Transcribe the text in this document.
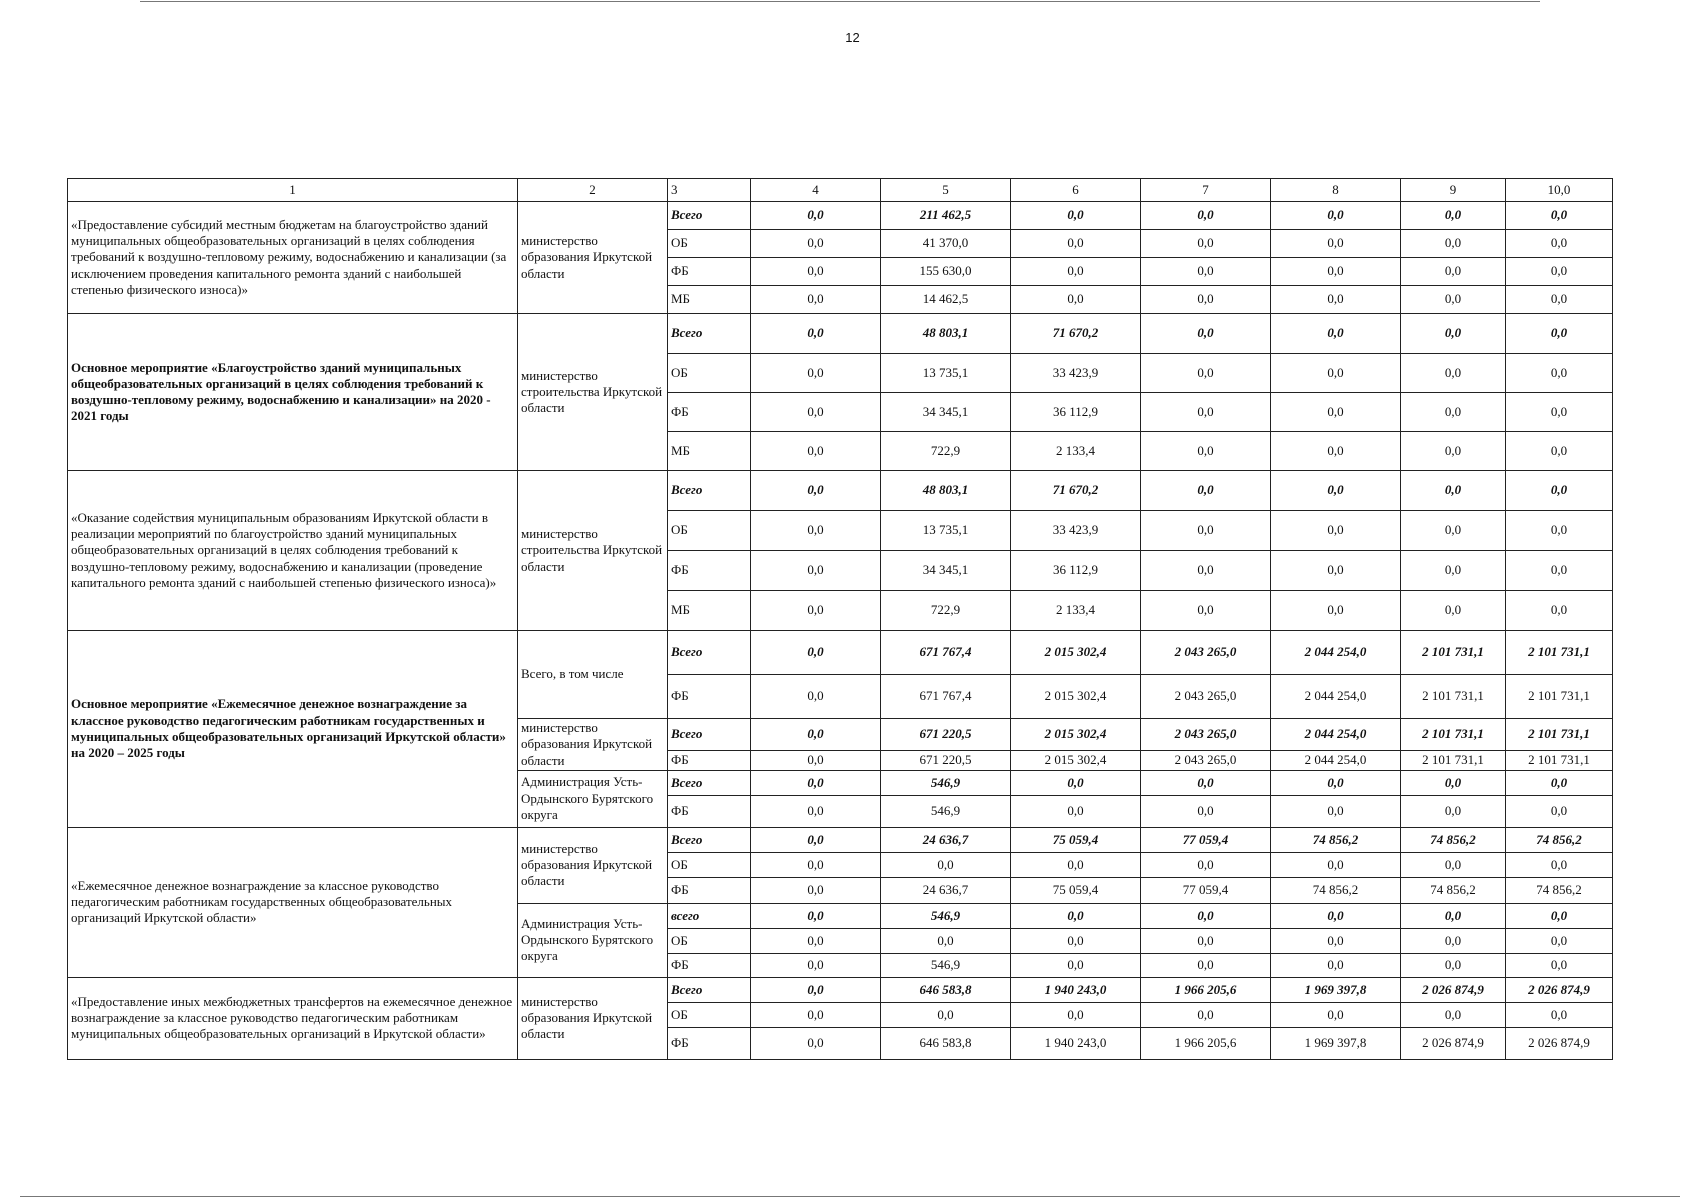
12
1	2	3	4	5	6	7	8	9	10,0
«Предоставление субсидий местным бюджетам на благоустройство зданий муниципальных общеобразовательных организаций в целях соблюдения требований к воздушно-тепловому режиму, водоснабжению и канализации (за исключением проведения капитального ремонта зданий с наибольшей степенью физического износа)»	министерство образования Иркутской области	Всего	0,0	211 462,5	0,0	0,0	0,0	0,0	0,0
		ОБ	0,0	41 370,0	0,0	0,0	0,0	0,0	0,0
		ФБ	0,0	155 630,0	0,0	0,0	0,0	0,0	0,0
		МБ	0,0	14 462,5	0,0	0,0	0,0	0,0	0,0
Основное мероприятие «Благоустройство зданий муниципальных общеобразовательных организаций в целях соблюдения требований к воздушно-тепловому режиму, водоснабжению и канализации» на 2020 - 2021 годы	министерство строительства Иркутской области	Всего	0,0	48 803,1	71 670,2	0,0	0,0	0,0	0,0
		ОБ	0,0	13 735,1	33 423,9	0,0	0,0	0,0	0,0
		ФБ	0,0	34 345,1	36 112,9	0,0	0,0	0,0	0,0
		МБ	0,0	722,9	2 133,4	0,0	0,0	0,0	0,0
«Оказание содействия муниципальным образованиям Иркутской области в реализации мероприятий по благоустройство зданий муниципальных общеобразовательных организаций в целях соблюдения требований к воздушно-тепловому режиму, водоснабжению и канализации (проведение капитального ремонта зданий с наибольшей степенью физического износа)»	министерство строительства Иркутской области	Всего	0,0	48 803,1	71 670,2	0,0	0,0	0,0	0,0
		ОБ	0,0	13 735,1	33 423,9	0,0	0,0	0,0	0,0
		ФБ	0,0	34 345,1	36 112,9	0,0	0,0	0,0	0,0
		МБ	0,0	722,9	2 133,4	0,0	0,0	0,0	0,0
Основное мероприятие «Ежемесячное денежное вознаграждение за классное руководство педагогическим работникам государственных и муниципальных общеобразовательных организаций Иркутской области» на 2020 – 2025 годы	Всего, в том числе	Всего	0,0	671 767,4	2 015 302,4	2 043 265,0	2 044 254,0	2 101 731,1	2 101 731,1
		ФБ	0,0	671 767,4	2 015 302,4	2 043 265,0	2 044 254,0	2 101 731,1	2 101 731,1
	министерство образования Иркутской области	Всего	0,0	671 220,5	2 015 302,4	2 043 265,0	2 044 254,0	2 101 731,1	2 101 731,1
		ФБ	0,0	671 220,5	2 015 302,4	2 043 265,0	2 044 254,0	2 101 731,1	2 101 731,1
	Администрация Усть-Ордынского Бурятского округа	Всего	0,0	546,9	0,0	0,0	0,0	0,0	0,0
		ФБ	0,0	546,9	0,0	0,0	0,0	0,0	0,0
«Ежемесячное денежное вознаграждение за классное руководство педагогическим работникам государственных общеобразовательных организаций Иркутской области»	министерство образования Иркутской области	Всего	0,0	24 636,7	75 059,4	77 059,4	74 856,2	74 856,2	74 856,2
		ОБ	0,0	0,0	0,0	0,0	0,0	0,0	0,0
		ФБ	0,0	24 636,7	75 059,4	77 059,4	74 856,2	74 856,2	74 856,2
	Администрация Усть-Ордынского Бурятского округа	всего	0,0	546,9	0,0	0,0	0,0	0,0	0,0
		ОБ	0,0	0,0	0,0	0,0	0,0	0,0	0,0
		ФБ	0,0	546,9	0,0	0,0	0,0	0,0	0,0
«Предоставление иных межбюджетных трансфертов на ежемесячное денежное вознаграждение за классное руководство педагогическим работникам муниципальных общеобразовательных организаций в Иркутской области»	министерство образования Иркутской области	Всего	0,0	646 583,8	1 940 243,0	1 966 205,6	1 969 397,8	2 026 874,9	2 026 874,9
		ОБ	0,0	0,0	0,0	0,0	0,0	0,0	0,0
		ФБ	0,0	646 583,8	1 940 243,0	1 966 205,6	1 969 397,8	2 026 874,9	2 026 874,9
